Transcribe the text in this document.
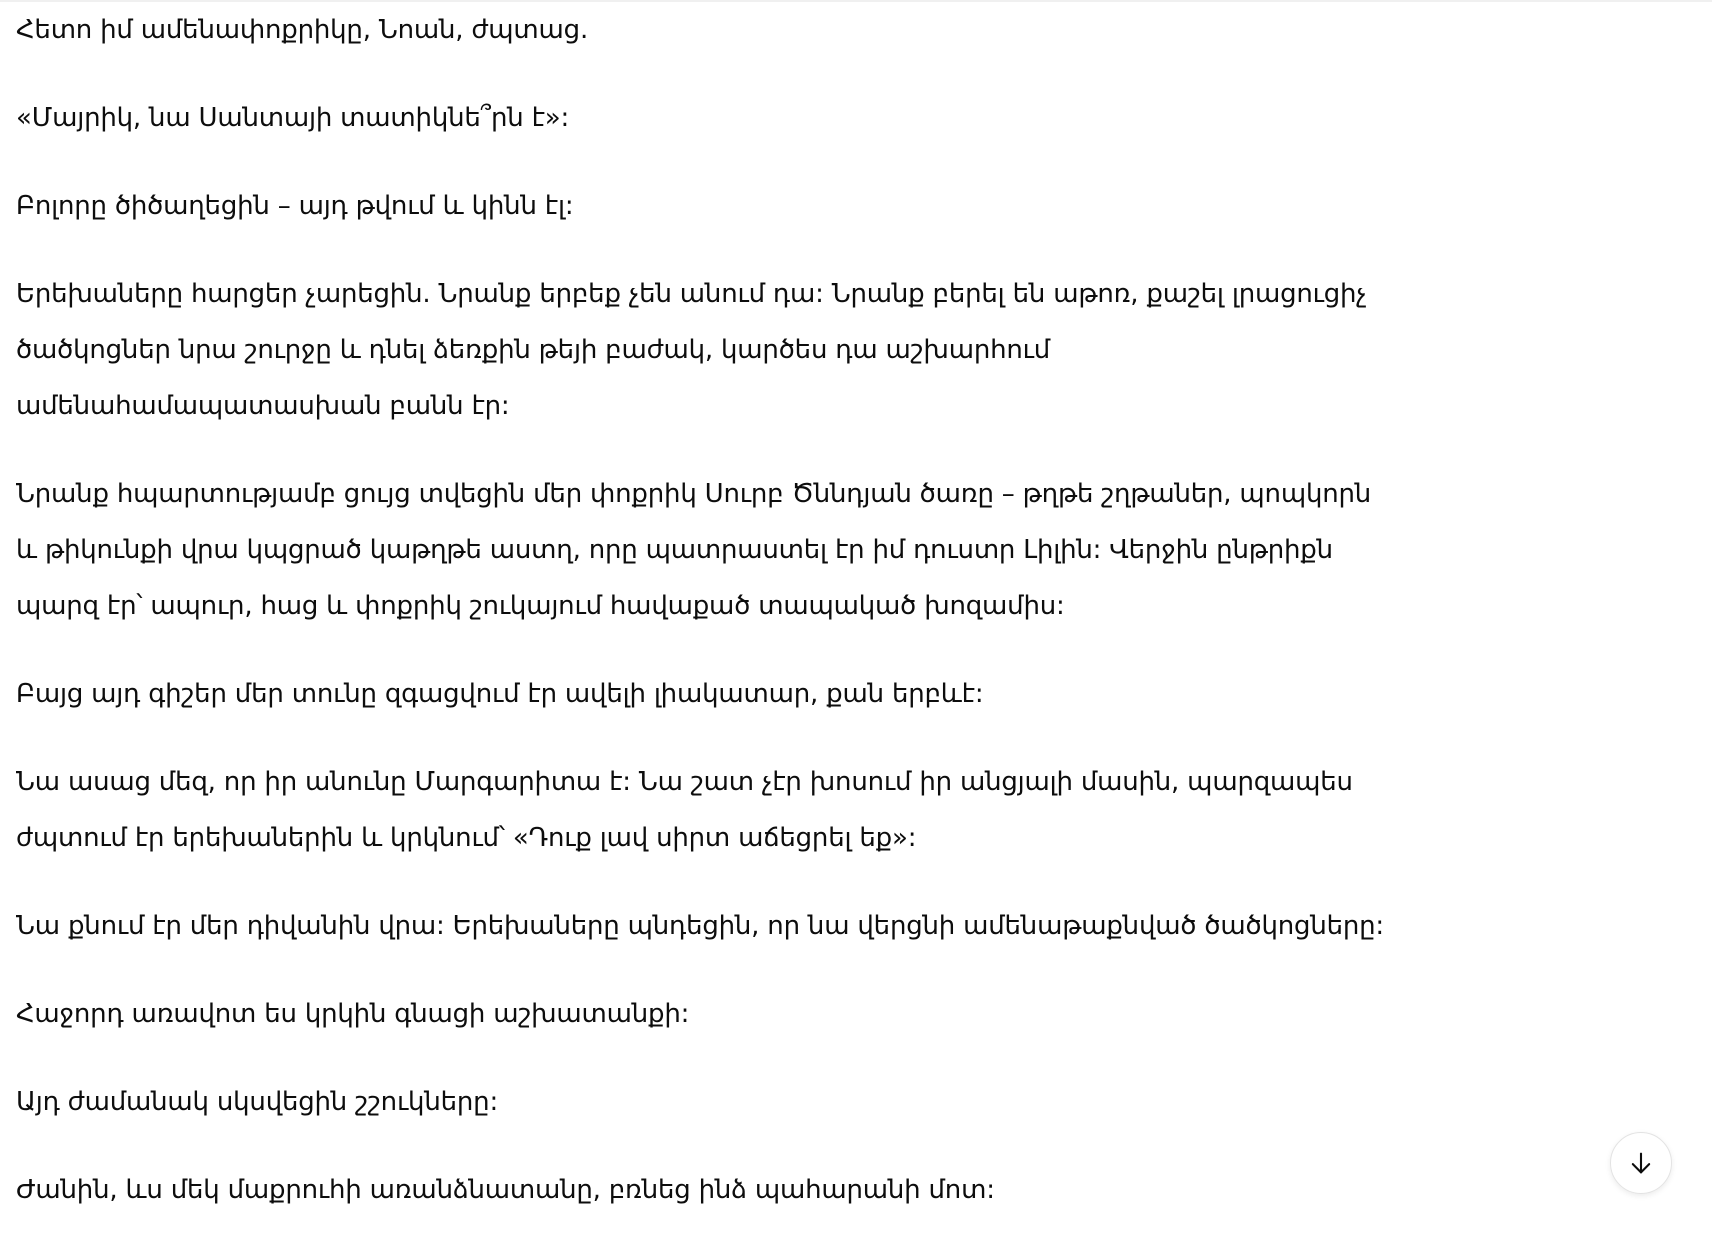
Հետո իմ ամենափոքրիկը, Նոան, ժպտաց.

«Մայրիկ, նա Սանտայի տատիկնե՞րն է»:

Բոլորը ծիծաղեցին – այդ թվում և կինն էլ:

Երեխաները հարցեր չարեցին. Նրանք երբեք չեն անում դա: Նրանք բերել են աթոռ, քաշել լրացուցիչ
ծածկոցներ նրա շուրջը և դնել ձեռքին թեյի բաժակ, կարծես դա աշխարհում
ամենահամապատասխան բանն էր:

Նրանք հպարտությամբ ցույց տվեցին մեր փոքրիկ Սուրբ Ծննդյան ծառը – թղթե շղթաներ, պոպկորն
և թիկունքի վրա կպցրած կաթղթե աստղ, որը պատրաստել էր իմ դուստր Լիլին: Վերջին ընթրիքն
պարզ էր՝ ապուր, հաց և փոքրիկ շուկայում հավաքած տապակած խոզամիս:

Բայց այդ գիշեր մեր տունը զգացվում էր ավելի լիակատար, քան երբևէ:

Նա ասաց մեզ, որ իր անունը Մարգարիտա է: Նա շատ չէր խոսում իր անցյալի մասին, պարզապես
ժպտում էր երեխաներին և կրկնում՝ «Դուք լավ սիրտ աճեցրել եք»:

Նա քնում էր մեր դիվանին վրա: Երեխաները պնդեցին, որ նա վերցնի ամենաթաքնված ծածկոցները:

Հաջորդ առավոտ ես կրկին գնացի աշխատանքի:

Այդ ժամանակ սկսվեցին շշուկները:

Ժանին, ևս մեկ մաքրուհի առանձնատանը, բռնեց ինձ պահարանի մոտ:
